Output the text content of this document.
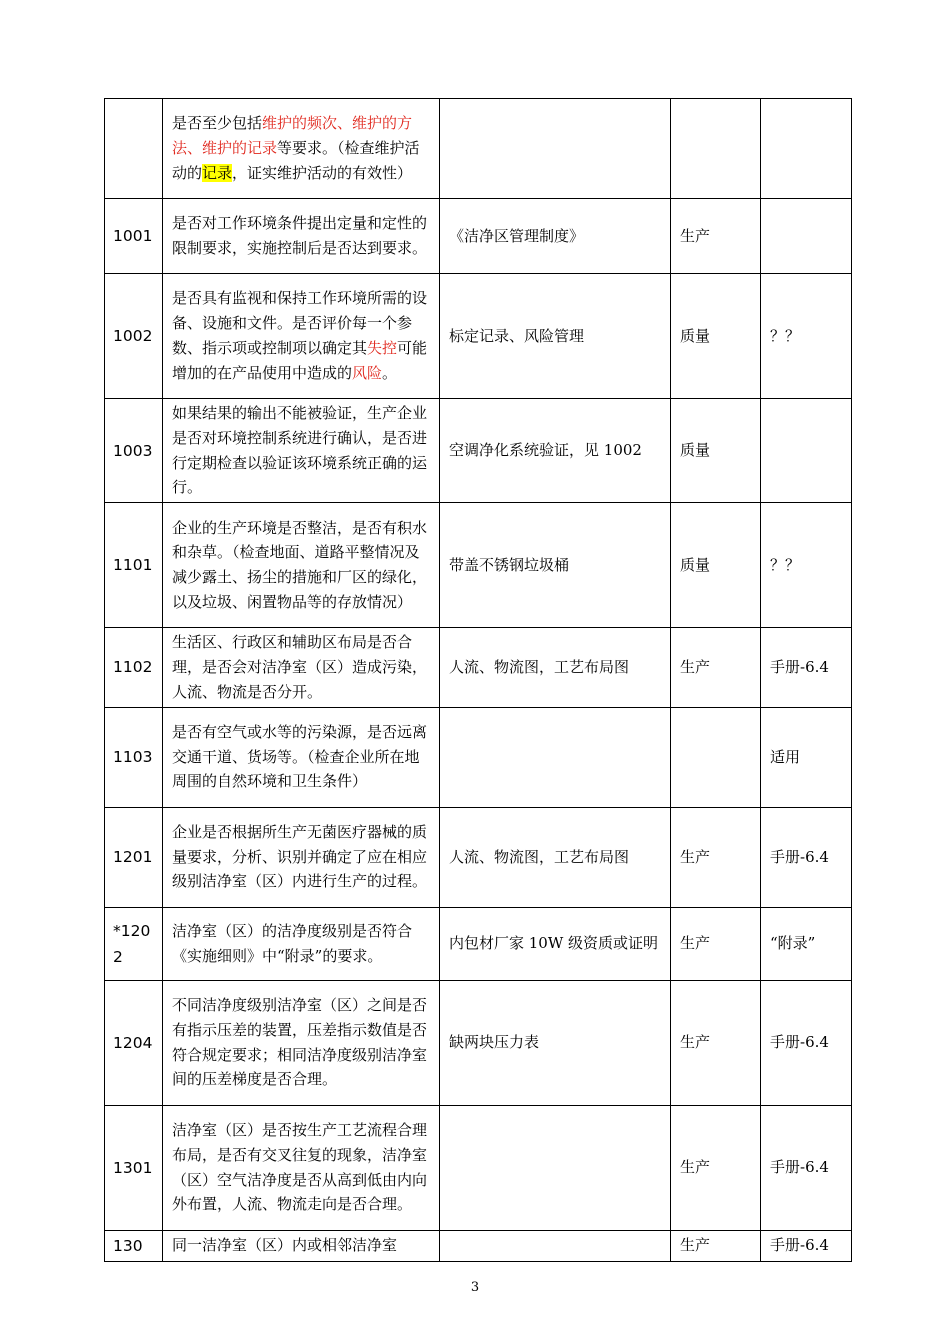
	是否至少包括维护的频次、维护的方法、维护的记录等要求。（检查维护活动的记录，证实维护活动的有效性）			
1001	是否对工作环境条件提出定量和定性的限制要求，实施控制后是否达到要求。	《洁净区管理制度》	生产	
1002	是否具有监视和保持工作环境所需的设备、设施和文件。是否评价每一个参数、指示项或控制项以确定其失控可能增加的在产品使用中造成的风险。	标定记录、风险管理	质量	？？
1003	如果结果的输出不能被验证，生产企业是否对环境控制系统进行确认，是否进行定期检查以验证该环境系统正确的运行。	空调净化系统验证，见 1002	质量	
1101	企业的生产环境是否整洁，是否有积水和杂草。（检查地面、道路平整情况及减少露土、扬尘的措施和厂区的绿化，以及垃圾、闲置物品等的存放情况）	带盖不锈钢垃圾桶	质量	？？
1102	生活区、行政区和辅助区布局是否合理，是否会对洁净室（区）造成污染，人流、物流是否分开。	人流、物流图，工艺布局图	生产	手册-6.4
1103	是否有空气或水等的污染源，是否远离交通干道、货场等。（检查企业所在地周围的自然环境和卫生条件）			适用
1201	企业是否根据所生产无菌医疗器械的质量要求，分析、识别并确定了应在相应级别洁净室（区）内进行生产的过程。	人流、物流图，工艺布局图	生产	手册-6.4
*1202	洁净室（区）的洁净度级别是否符合《实施细则》中“附录”的要求。	内包材厂家 10W 级资质或证明	生产	“附录”
1204	不同洁净度级别洁净室（区）之间是否有指示压差的装置，压差指示数值是否符合规定要求；相同洁净度级别洁净室间的压差梯度是否合理。	缺两块压力表	生产	手册-6.4
1301	洁净室（区）是否按生产工艺流程合理布局，是否有交叉往复的现象，洁净室（区）空气洁净度是否从高到低由内向外布置，人流、物流走向是否合理。		生产	手册-6.4
130	同一洁净室（区）内或相邻洁净室		生产	手册-6.4
3
